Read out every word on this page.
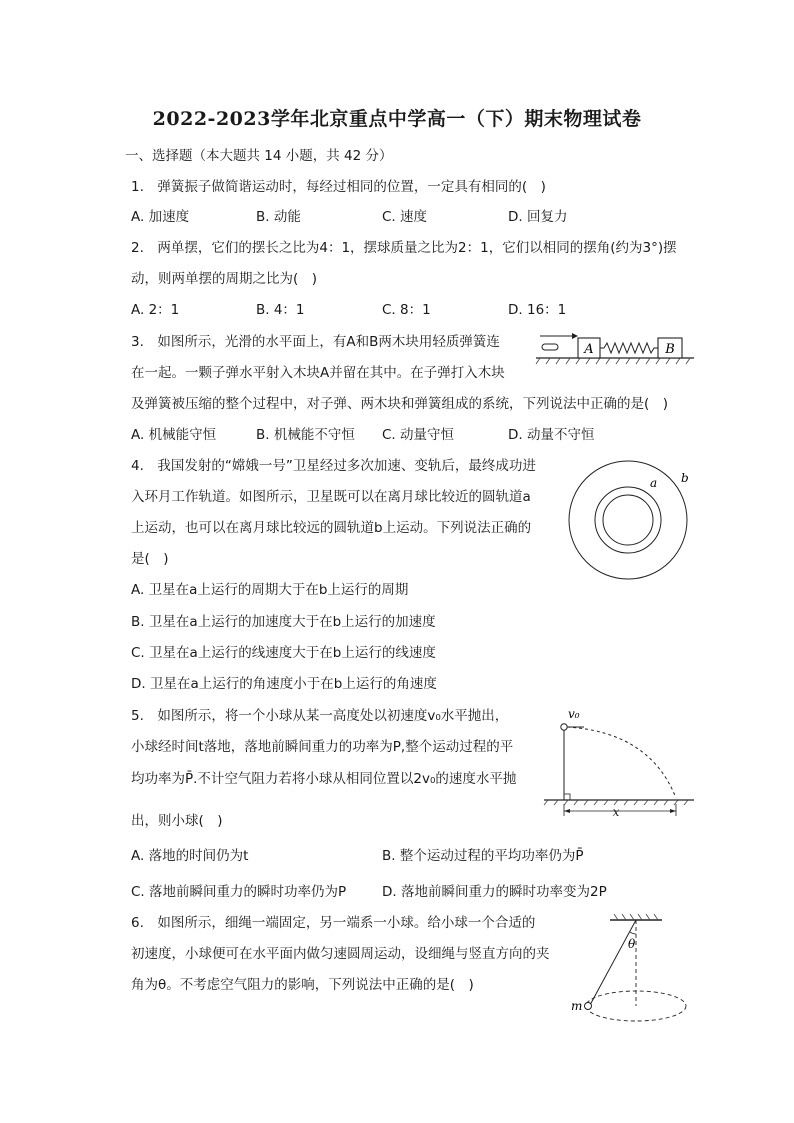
2022-2023学年北京重点中学高一（下）期末物理试卷
一、选择题（本大题共 14 小题，共 42 分）
1.　弹簧振子做简谐运动时，每经过相同的位置，一定具有相同的(　)
A. 加速度	B. 动能	C. 速度	D. 回复力
2.　两单摆，它们的摆长之比为4：1，摆球质量之比为2：1，它们以相同的摆角(约为3°)摆
动，则两单摆的周期之比为(　)
A. 2：1	B. 4：1	C. 8：1	D. 16：1
3.　如图所示，光滑的水平面上，有A和B两木块用轻质弹簧连
在一起。一颗子弹水平射入木块A并留在其中。在子弹打入木块
及弹簧被压缩的整个过程中，对子弹、两木块和弹簧组成的系统，下列说法中正确的是(　)
A. 机械能守恒	B. 机械能不守恒 C. 动量守恒	D. 动量不守恒
A	B
4.　我国发射的“嫦娥一号”卫星经过多次加速、变轨后，最终成功进
入环月工作轨道。如图所示，卫星既可以在离月球比较近的圆轨道a
上运动，也可以在离月球比较远的圆轨道b上运动。下列说法正确的
是(　)
A. 卫星在a上运行的周期大于在b上运行的周期
B. 卫星在a上运行的加速度大于在b上运行的加速度
C. 卫星在a上运行的线速度大于在b上运行的线速度
D. 卫星在a上运行的角速度小于在b上运行的角速度
a b
5.　如图所示，将一个小球从某一高度处以初速度v₀水平抛出，
小球经时间t落地，落地前瞬间重力的功率为P,整个运动过程的平
均功率为P̄.不计空气阻力若将小球从相同位置以2v₀的速度水平抛
出，则小球(　)
A. 落地的时间仍为t	B. 整个运动过程的平均功率仍为P̄
C. 落地前瞬间重力的瞬时功率仍为P	D. 落地前瞬间重力的瞬时功率变为2P
v₀
x
6.　如图所示，细绳一端固定，另一端系一小球。给小球一个合适的
初速度，小球便可在水平面内做匀速圆周运动，设细绳与竖直方向的夹
角为θ。不考虑空气阻力的影响，下列说法中正确的是(　)
θ
m
